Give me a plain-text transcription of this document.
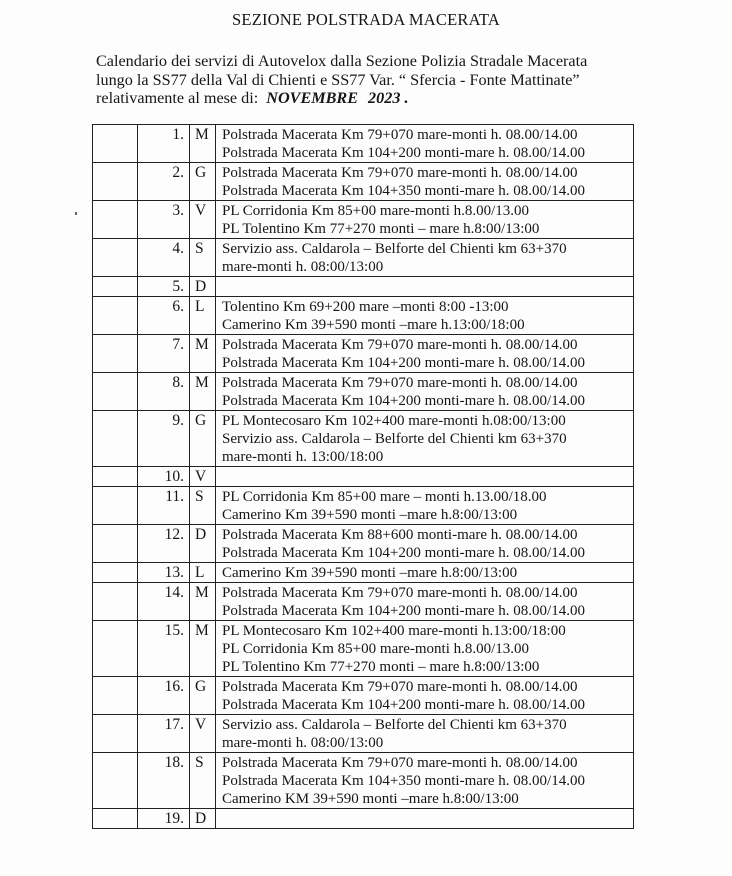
SEZIONE POLSTRADA MACERATA
Calendario dei servizi di Autovelox dalla Sezione Polizia Stradale Macerata
lungo la SS77 della Val di Chienti e SS77 Var. “ Sfercia - Fonte Mattinate”
relativamente al mese di: NOVEMBRE 2023 .
1. M Polstrada Macerata Km 79+070 mare-monti h. 08.00/14.00
Polstrada Macerata Km 104+200 monti-mare h. 08.00/14.00
2. G	Polstrada Macerata Km 79+070 mare-monti h. 08.00/14.00
Polstrada Macerata Km 104+350 monti-mare h. 08.00/14.00
3. V	PL Corridonia Km 85+00 mare-monti h.8.00/13.00
PL Tolentino Km 77+270 monti – mare h.8:00/13:00
4. S	Servizio ass. Caldarola – Belforte del Chienti km 63+370
mare-monti h. 08:00/13:00
5. D
6. L	Tolentino Km 69+200 mare –monti 8:00 -13:00
Camerino Km 39+590 monti –mare h.13:00/18:00
7. M Polstrada Macerata Km 79+070 mare-monti h. 08.00/14.00
Polstrada Macerata Km 104+200 monti-mare h. 08.00/14.00
8. M Polstrada Macerata Km 79+070 mare-monti h. 08.00/14.00
Polstrada Macerata Km 104+200 monti-mare h. 08.00/14.00
9. G	PL Montecosaro Km 102+400 mare-monti h.08:00/13:00
Servizio ass. Caldarola – Belforte del Chienti km 63+370
mare-monti h. 13:00/18:00
10. V
11. S	PL Corridonia Km 85+00 mare – monti h.13.00/18.00
Camerino Km 39+590 monti –mare h.8:00/13:00
12. D	Polstrada Macerata Km 88+600 monti-mare h. 08.00/14.00
Polstrada Macerata Km 104+200 monti-mare h. 08.00/14.00
13. L	Camerino Km 39+590 monti –mare h.8:00/13:00
14. M Polstrada Macerata Km 79+070 mare-monti h. 08.00/14.00
Polstrada Macerata Km 104+200 monti-mare h. 08.00/14.00
15. M PL Montecosaro Km 102+400 mare-monti h.13:00/18:00
PL Corridonia Km 85+00 mare-monti h.8.00/13.00
PL Tolentino Km 77+270 monti – mare h.8:00/13:00
16. G	Polstrada Macerata Km 79+070 mare-monti h. 08.00/14.00
Polstrada Macerata Km 104+200 monti-mare h. 08.00/14.00
17. V	Servizio ass. Caldarola – Belforte del Chienti km 63+370
mare-monti h. 08:00/13:00
18. S	Polstrada Macerata Km 79+070 mare-monti h. 08.00/14.00
Polstrada Macerata Km 104+350 monti-mare h. 08.00/14.00
Camerino KM 39+590 monti –mare h.8:00/13:00
19. D
